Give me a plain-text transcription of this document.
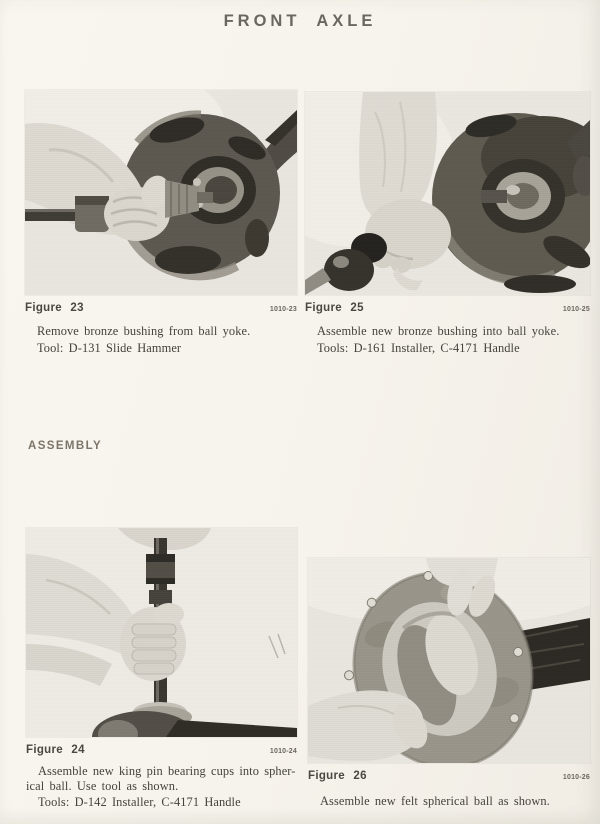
FRONT AXLE
Figure 23	1010-23
Remove bronze bushing from ball yoke.
Tool: D-131 Slide Hammer
Figure 25	1010-25
Assemble new bronze bushing into ball yoke.
Tools: D-161 Installer, C-4171 Handle
ASSEMBLY
Figure 24	1010-24
Assemble new king pin bearing cups into spher-
ical ball. Use tool as shown.
Tools: D-142 Installer, C-4171 Handle
Figure 26	1010-26
Assemble new felt spherical ball as shown.
